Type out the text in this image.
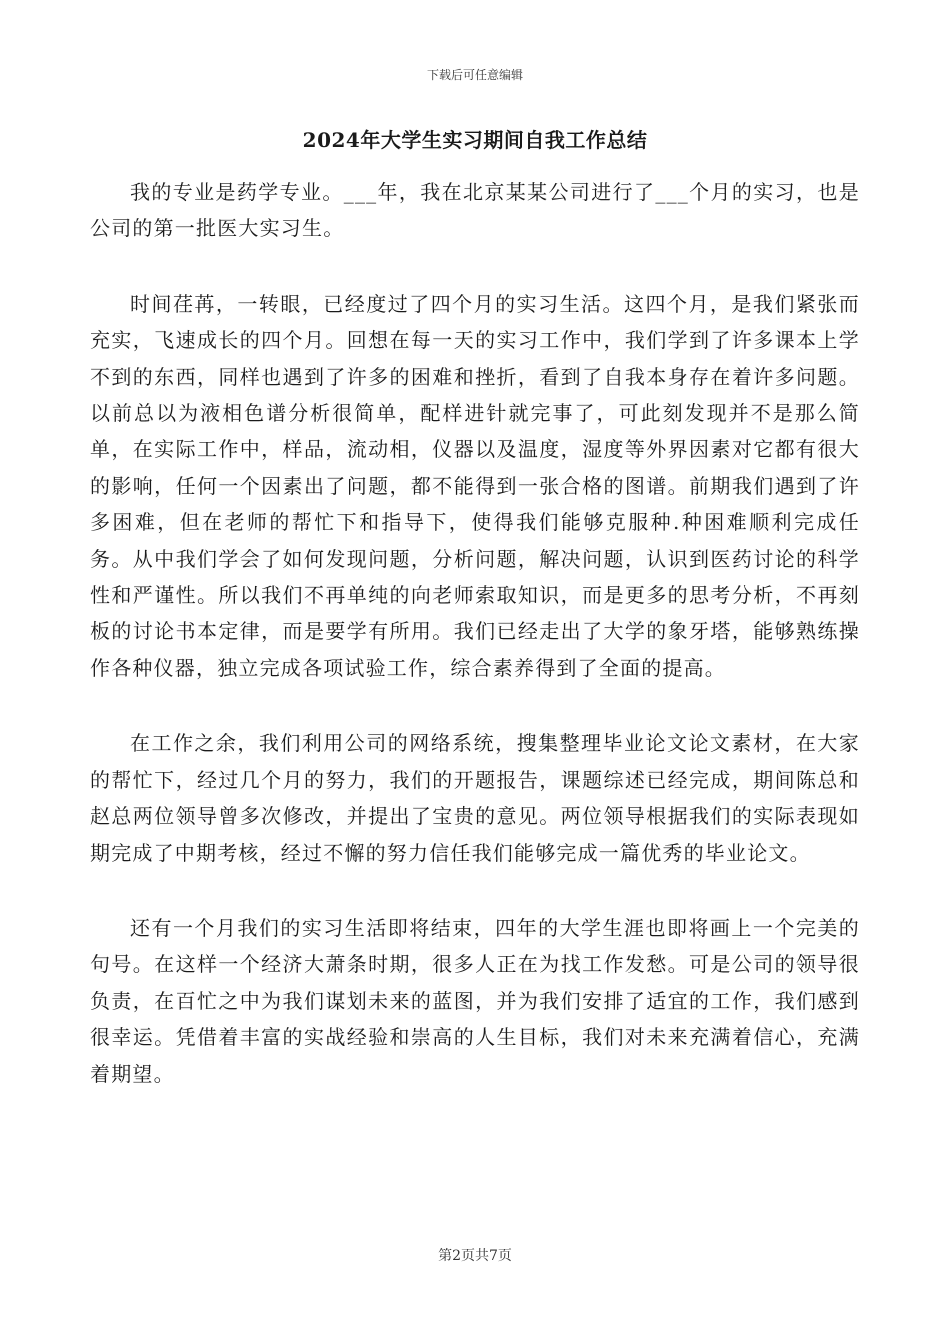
下载后可任意编辑
2024年大学生实习期间自我工作总结

我的专业是药学专业。___年，我在北京某某公司进行了___个月的实习，也是公司的第一批医大实习生。

时间荏苒，一转眼，已经度过了四个月的实习生活。这四个月，是我们紧张而充实，飞速成长的四个月。回想在每一天的实习工作中，我们学到了许多课本上学不到的东西，同样也遇到了许多的困难和挫折，看到了自我本身存在着许多问题。以前总以为液相色谱分析很简单，配样进针就完事了，可此刻发现并不是那么简单，在实际工作中，样品，流动相，仪器以及温度，湿度等外界因素对它都有很大的影响，任何一个因素出了问题，都不能得到一张合格的图谱。前期我们遇到了许多困难，但在老师的帮忙下和指导下，使得我们能够克服种.种困难顺利完成任务。从中我们学会了如何发现问题，分析问题，解决问题，认识到医药讨论的科学性和严谨性。所以我们不再单纯的向老师索取知识，而是更多的思考分析，不再刻板的讨论书本定律，而是要学有所用。我们已经走出了大学的象牙塔，能够熟练操作各种仪器，独立完成各项试验工作，综合素养得到了全面的提高。

在工作之余，我们利用公司的网络系统，搜集整理毕业论文论文素材，在大家的帮忙下，经过几个月的努力，我们的开题报告，课题综述已经完成，期间陈总和赵总两位领导曾多次修改，并提出了宝贵的意见。两位领导根据我们的实际表现如期完成了中期考核，经过不懈的努力信任我们能够完成一篇优秀的毕业论文。

还有一个月我们的实习生活即将结束，四年的大学生涯也即将画上一个完美的句号。在这样一个经济大萧条时期，很多人正在为找工作发愁。可是公司的领导很负责，在百忙之中为我们谋划未来的蓝图，并为我们安排了适宜的工作，我们感到很幸运。凭借着丰富的实战经验和崇高的人生目标，我们对未来充满着信心，充满着期望。

第2页共7页
